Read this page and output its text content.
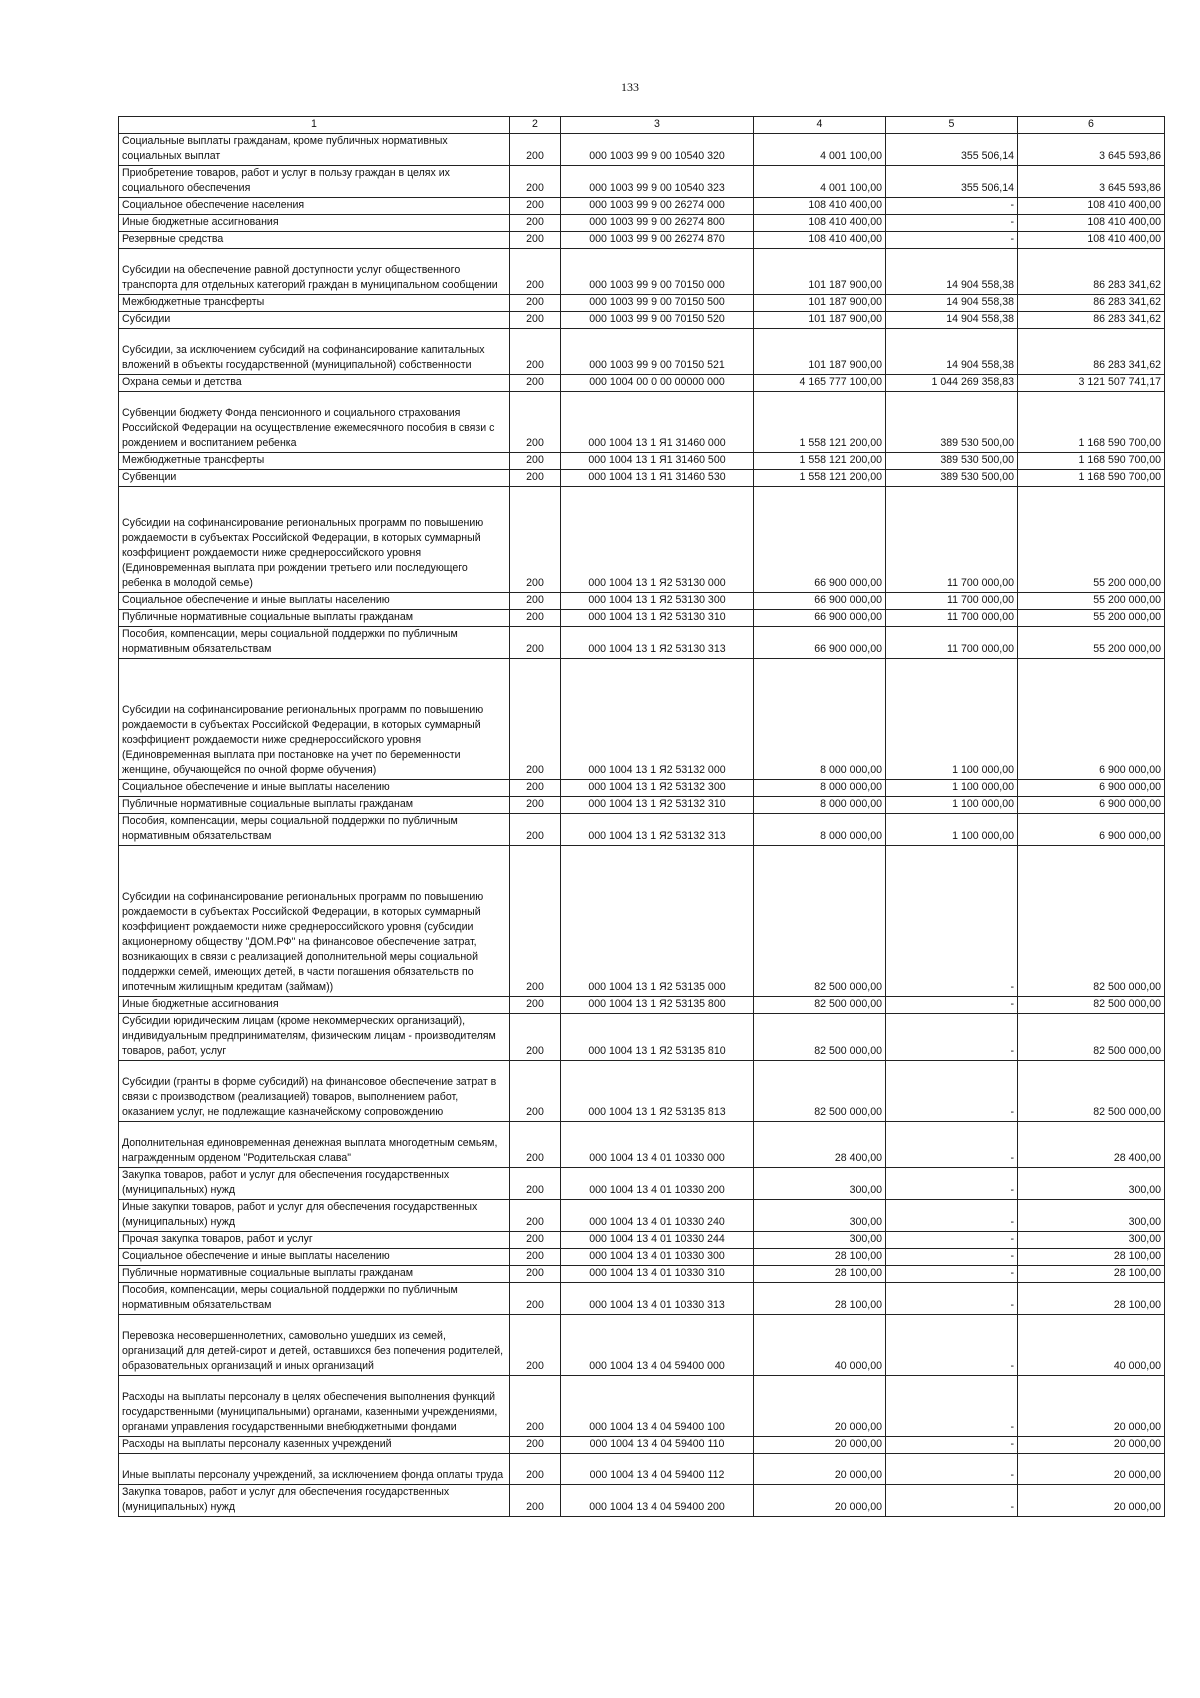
133
1	2	3	4	5	6
Социальные выплаты гражданам, кроме публичных нормативных социальных выплат	200	000 1003 99 9 00 10540 320	4 001 100,00	355 506,14	3 645 593,86
Приобретение товаров, работ и услуг в пользу граждан в целях их социального обеспечения	200	000 1003 99 9 00 10540 323	4 001 100,00	355 506,14	3 645 593,86
Социальное обеспечение населения	200	000 1003 99 9 00 26274 000	108 410 400,00	-	108 410 400,00
Иные бюджетные ассигнования	200	000 1003 99 9 00 26274 800	108 410 400,00	-	108 410 400,00
Резервные средства	200	000 1003 99 9 00 26274 870	108 410 400,00	-	108 410 400,00
Субсидии на обеспечение равной доступности услуг общественного транспорта для отдельных категорий граждан в муниципальном сообщении	200	000 1003 99 9 00 70150 000	101 187 900,00	14 904 558,38	86 283 341,62
Межбюджетные трансферты	200	000 1003 99 9 00 70150 500	101 187 900,00	14 904 558,38	86 283 341,62
Субсидии	200	000 1003 99 9 00 70150 520	101 187 900,00	14 904 558,38	86 283 341,62
Субсидии, за исключением субсидий на софинансирование капитальных вложений в объекты государственной (муниципальной) собственности	200	000 1003 99 9 00 70150 521	101 187 900,00	14 904 558,38	86 283 341,62
Охрана семьи и детства	200	000 1004 00 0 00 00000 000	4 165 777 100,00	1 044 269 358,83	3 121 507 741,17
Субвенции бюджету Фонда пенсионного и социального страхования Российской Федерации на осуществление ежемесячного пособия в связи с рождением и воспитанием ребенка	200	000 1004 13 1 Я1 31460 000	1 558 121 200,00	389 530 500,00	1 168 590 700,00
Межбюджетные трансферты	200	000 1004 13 1 Я1 31460 500	1 558 121 200,00	389 530 500,00	1 168 590 700,00
Субвенции	200	000 1004 13 1 Я1 31460 530	1 558 121 200,00	389 530 500,00	1 168 590 700,00
Субсидии на софинансирование региональных программ по повышению рождаемости в субъектах Российской Федерации, в которых суммарный коэффициент рождаемости ниже среднероссийского уровня (Единовременная выплата при рождении третьего или последующего ребенка в молодой семье)	200	000 1004 13 1 Я2 53130 000	66 900 000,00	11 700 000,00	55 200 000,00
Социальное обеспечение и иные выплаты населению	200	000 1004 13 1 Я2 53130 300	66 900 000,00	11 700 000,00	55 200 000,00
Публичные нормативные социальные выплаты гражданам	200	000 1004 13 1 Я2 53130 310	66 900 000,00	11 700 000,00	55 200 000,00
Пособия, компенсации, меры социальной поддержки по публичным нормативным обязательствам	200	000 1004 13 1 Я2 53130 313	66 900 000,00	11 700 000,00	55 200 000,00
Субсидии на софинансирование региональных программ по повышению рождаемости в субъектах Российской Федерации, в которых суммарный коэффициент рождаемости ниже среднероссийского уровня (Единовременная выплата при постановке на учет по беременности женщине, обучающейся по очной форме обучения)	200	000 1004 13 1 Я2 53132 000	8 000 000,00	1 100 000,00	6 900 000,00
Социальное обеспечение и иные выплаты населению	200	000 1004 13 1 Я2 53132 300	8 000 000,00	1 100 000,00	6 900 000,00
Публичные нормативные социальные выплаты гражданам	200	000 1004 13 1 Я2 53132 310	8 000 000,00	1 100 000,00	6 900 000,00
Пособия, компенсации, меры социальной поддержки по публичным нормативным обязательствам	200	000 1004 13 1 Я2 53132 313	8 000 000,00	1 100 000,00	6 900 000,00
Субсидии на софинансирование региональных программ по повышению рождаемости в субъектах Российской Федерации, в которых суммарный коэффициент рождаемости ниже среднероссийского уровня (субсидии акционерному обществу "ДОМ.РФ" на финансовое обеспечение затрат, возникающих в связи с реализацией дополнительной меры социальной поддержки семей, имеющих детей, в части погашения обязательств по ипотечным жилищным кредитам (займам))	200	000 1004 13 1 Я2 53135 000	82 500 000,00	-	82 500 000,00
Иные бюджетные ассигнования	200	000 1004 13 1 Я2 53135 800	82 500 000,00	-	82 500 000,00
Субсидии юридическим лицам (кроме некоммерческих организаций), индивидуальным предпринимателям, физическим лицам - производителям товаров, работ, услуг	200	000 1004 13 1 Я2 53135 810	82 500 000,00	-	82 500 000,00
Субсидии (гранты в форме субсидий) на финансовое обеспечение затрат в связи с производством (реализацией) товаров, выполнением работ, оказанием услуг, не подлежащие казначейскому сопровождению	200	000 1004 13 1 Я2 53135 813	82 500 000,00	-	82 500 000,00
Дополнительная единовременная денежная выплата многодетным семьям, награжденным орденом "Родительская слава"	200	000 1004 13 4 01 10330 000	28 400,00	-	28 400,00
Закупка товаров, работ и услуг для обеспечения государственных (муниципальных) нужд	200	000 1004 13 4 01 10330 200	300,00	-	300,00
Иные закупки товаров, работ и услуг для обеспечения государственных (муниципальных) нужд	200	000 1004 13 4 01 10330 240	300,00	-	300,00
Прочая закупка товаров, работ и услуг	200	000 1004 13 4 01 10330 244	300,00	-	300,00
Социальное обеспечение и иные выплаты населению	200	000 1004 13 4 01 10330 300	28 100,00	-	28 100,00
Публичные нормативные социальные выплаты гражданам	200	000 1004 13 4 01 10330 310	28 100,00	-	28 100,00
Пособия, компенсации, меры социальной поддержки по публичным нормативным обязательствам	200	000 1004 13 4 01 10330 313	28 100,00	-	28 100,00
Перевозка несовершеннолетних, самовольно ушедших из семей, организаций для детей-сирот и детей, оставшихся без попечения родителей, образовательных организаций и иных организаций	200	000 1004 13 4 04 59400 000	40 000,00	-	40 000,00
Расходы на выплаты персоналу в целях обеспечения выполнения функций государственными (муниципальными) органами, казенными учреждениями, органами управления государственными внебюджетными фондами	200	000 1004 13 4 04 59400 100	20 000,00	-	20 000,00
Расходы на выплаты персоналу казенных учреждений	200	000 1004 13 4 04 59400 110	20 000,00	-	20 000,00
Иные выплаты персоналу учреждений, за исключением фонда оплаты труда	200	000 1004 13 4 04 59400 112	20 000,00	-	20 000,00
Закупка товаров, работ и услуг для обеспечения государственных (муниципальных) нужд	200	000 1004 13 4 04 59400 200	20 000,00	-	20 000,00
